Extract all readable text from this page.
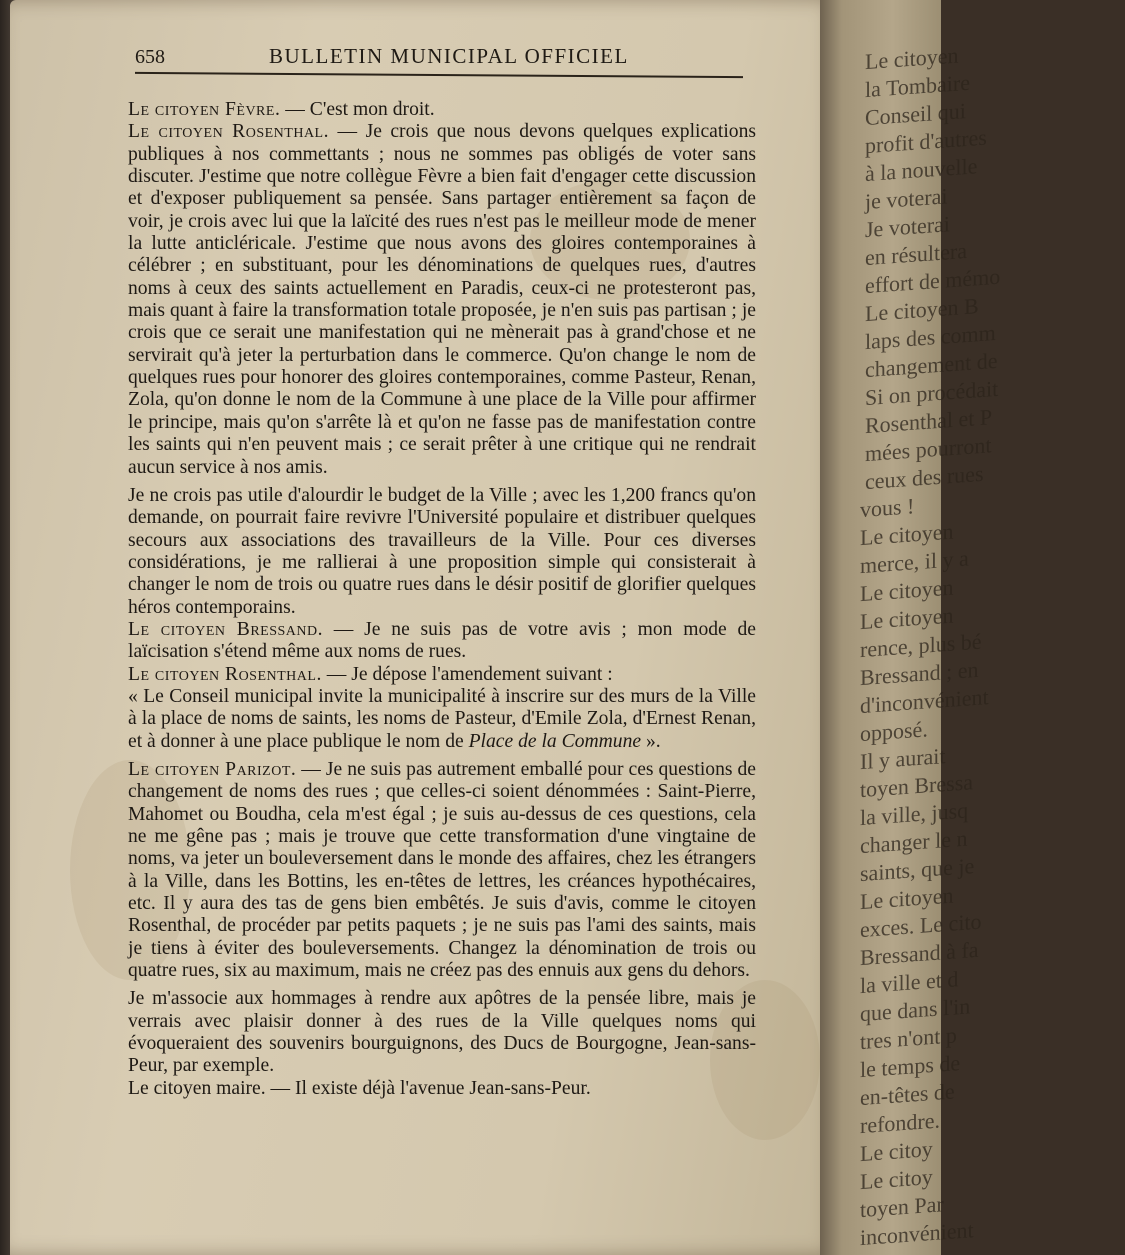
658	BULLETIN MUNICIPAL OFFICIEL

Le citoyen Fèvre. — C'est mon droit.

Le citoyen Rosenthal. — Je crois que nous devons quelques explications publiques à nos commettants ; nous ne sommes pas obligés de voter sans discuter. J'estime que notre collègue Fèvre a bien fait d'engager cette discussion et d'exposer publiquement sa pensée. Sans partager entièrement sa façon de voir, je crois avec lui que la laïcité des rues n'est pas le meilleur mode de mener la lutte anticléricale. J'estime que nous avons des gloires contemporaines à célébrer ; en substituant, pour les dénominations de quelques rues, d'autres noms à ceux des saints actuellement en Paradis, ceux-ci ne protesteront pas, mais quant à faire la transformation totale proposée, je n'en suis pas partisan ; je crois que ce serait une manifestation qui ne mènerait pas à grand'chose et ne servirait qu'à jeter la perturbation dans le commerce. Qu'on change le nom de quelques rues pour honorer des gloires contemporaines, comme Pasteur, Renan, Zola, qu'on donne le nom de la Commune à une place de la Ville pour affirmer le principe, mais qu'on s'arrête là et qu'on ne fasse pas de manifestation contre les saints qui n'en peuvent mais ; ce serait prêter à une critique qui ne rendrait aucun service à nos amis.

Je ne crois pas utile d'alourdir le budget de la Ville ; avec les 1,200 francs qu'on demande, on pourrait faire revivre l'Université populaire et distribuer quelques secours aux associations des travailleurs de la Ville. Pour ces diverses considérations, je me rallierai à une proposition simple qui consisterait à changer le nom de trois ou quatre rues dans le désir positif de glorifier quelques héros contemporains.

Le citoyen Bressand. — Je ne suis pas de votre avis ; mon mode de laïcisation s'étend même aux noms de rues.

Le citoyen Rosenthal. — Je dépose l'amendement suivant :

« Le Conseil municipal invite la municipalité à inscrire sur des murs de la Ville à la place de noms de saints, les noms de Pasteur, d'Emile Zola, d'Ernest Renan, et à donner à une place publique le nom de Place de la Commune ».

Le citoyen Parizot. — Je ne suis pas autrement emballé pour ces questions de changement de noms des rues ; que celles-ci soient dénommées : Saint-Pierre, Mahomet ou Boudha, cela m'est égal ; je suis au-dessus de ces questions, cela ne me gêne pas ; mais je trouve que cette transformation d'une vingtaine de noms, va jeter un bouleversement dans le monde des affaires, chez les étrangers à la Ville, dans les Bottins, les en-têtes de lettres, les créances hypothécaires, etc. Il y aura des tas de gens bien embêtés. Je suis d'avis, comme le citoyen Rosenthal, de procéder par petits paquets ; je ne suis pas l'ami des saints, mais je tiens à éviter des bouleversements. Changez la dénomination de trois ou quatre rues, six au maximum, mais ne créez pas des ennuis aux gens du dehors.

Je m'associe aux hommages à rendre aux apôtres de la pensée libre, mais je verrais avec plaisir donner à des rues de la Ville quelques noms qui évoqueraient des souvenirs bourguignons, des Ducs de Bourgogne, Jean-sans-Peur, par exemple.

Le citoyen maire. — Il existe déjà l'avenue Jean-sans-Peur.

Le citoyen
la Tombaire
Conseil qui
profit d'autres
à la nouvelle
je voterai
Je voterai
en résultera
effort de mémo
Le citoyen B
laps des comm
changement de
Si on procédait
Rosenthal et P
mées pourront
ceux des rues
vous !
Le citoyen
merce, il y a
Le citoyen
Le citoyen
rence, plus bé
Bressand ; en
d'inconvénient
opposé.
Il y aurait
toyen Bressa
la ville, jusq
changer le n
saints, que je
Le citoyen
exces. Le cito
Bressand à fa
la ville et d
que dans l'in
tres n'ont p
le temps de
en-têtes de
refondre.
Le citoy
Le citoy
toyen Par
inconvénient
